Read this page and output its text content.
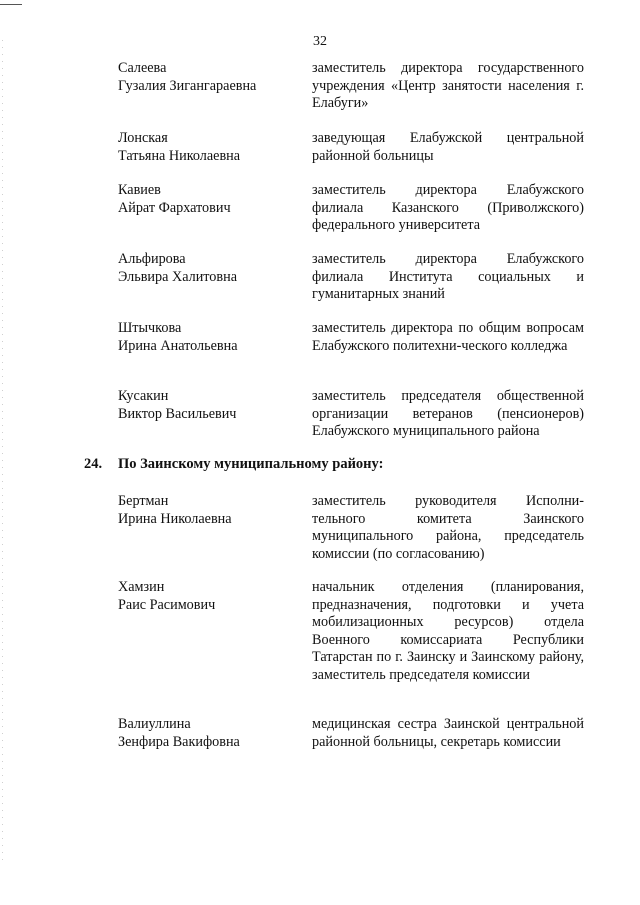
32
Салеева
Гузалия Зигангараевна
заместитель директора государственного учреждения «Центр занятости населения г. Елабуги»
Лонская
Татьяна Николаевна
заведующая Елабужской центральной районной больницы
Кавиев
Айрат Фархатович
заместитель директора Елабужского филиала Казанского (Приволжского) федерального университета
Альфирова
Эльвира Халитовна
заместитель директора Елабужского филиала Института социальных и гуманитарных знаний
Штычкова
Ирина Анатольевна
заместитель директора по общим вопросам Елабужского политехни-ческого колледжа
Кусакин
Виктор Васильевич
заместитель председателя общественной организации ветеранов (пенсионеров) Елабужского муниципального района
24. По Заинскому муниципальному району:
Бертман
Ирина Николаевна
заместитель руководителя Исполни-тельного комитета Заинского муниципального района, председатель комиссии (по согласованию)
Хамзин
Раис Расимович
начальник отделения (планирования, предназначения, подготовки и учета мобилизационных ресурсов) отдела Военного комиссариата Республики Татарстан по г. Заинску и Заинскому району, заместитель председателя комиссии
Валиуллина
Зенфира Вакифовна
медицинская сестра Заинской центральной районной больницы, секретарь комиссии
